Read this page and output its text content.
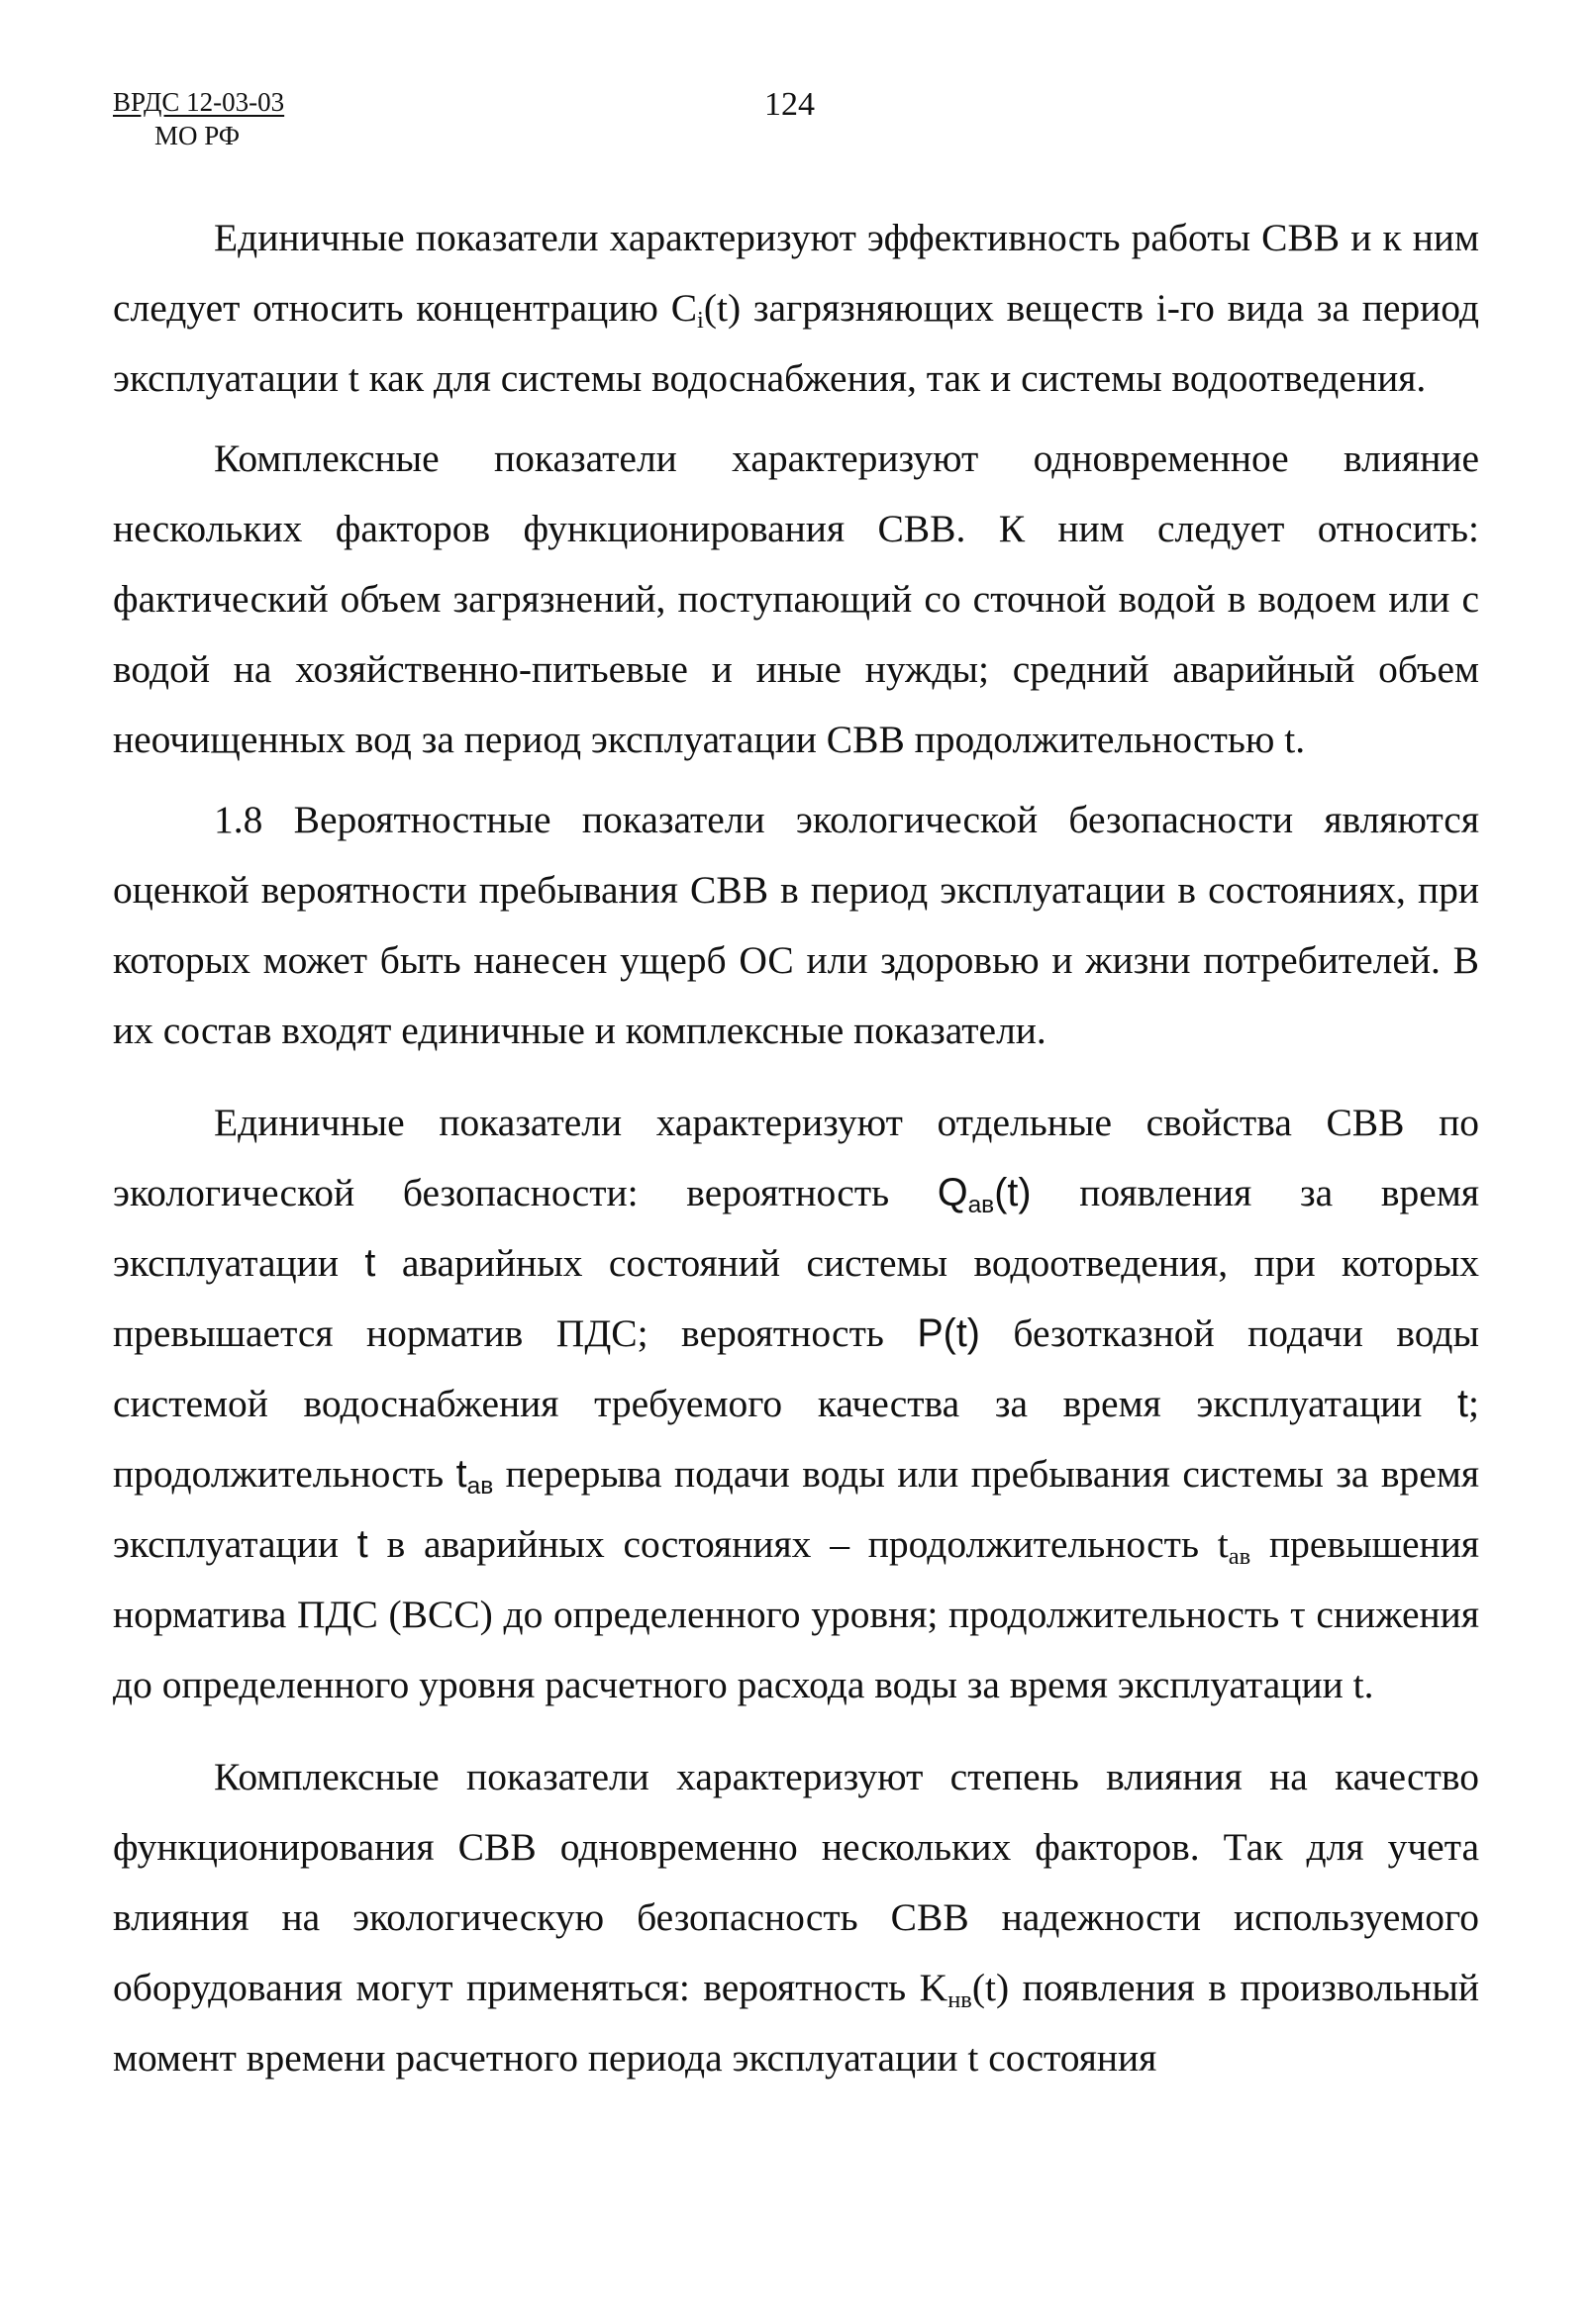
ВРДС 12-03-03
МО РФ
124

Единичные показатели характеризуют эффективность работы СВВ и к ним следует относить концентрацию $C_i(t)$ загрязняющих веществ i-го вида за период эксплуатации t как для системы водоснабжения, так и системы водоотведения.

Комплексные показатели характеризуют одновременное влияние нескольких факторов функционирования СВВ. К ним следует относить: фактический объем загрязнений, поступающий со сточной водой в водоем или с водой на хозяйственно-питьевые и иные нужды; средний аварийный объем неочищенных вод за период эксплуатации СВВ продолжительностью t.

1.8 Вероятностные показатели экологической безопасности являются оценкой вероятности пребывания СВВ в период эксплуатации в состояниях, при которых может быть нанесен ущерб ОС или здоровью и жизни потребителей. В их состав входят единичные и комплексные показатели.

Единичные показатели характеризуют отдельные свойства СВВ по экологической безопасности: вероятность $Q_{ав}(t)$ появления за время эксплуатации t аварийных состояний системы водоотведения, при которых превышается норматив ПДС; вероятность P(t) безотказной подачи воды системой водоснабжения требуемого качества за время эксплуатации t; продолжительность $t_{ав}$ перерыва подачи воды или пребывания системы за время эксплуатации t в аварийных состояниях – продолжительность $t_{ав}$ превышения норматива ПДС (ВСС) до определенного уровня; продолжительность τ снижения до определенного уровня расчетного расхода воды за время эксплуатации t.

Комплексные показатели характеризуют степень влияния на качество функционирования СВВ одновременно нескольких факторов. Так для учета влияния на экологическую безопасность СВВ надежности используемого оборудования могут применяться: вероятность $K_{нв}(t)$ появления в произвольный момент времени расчетного периода эксплуатации t состояния
